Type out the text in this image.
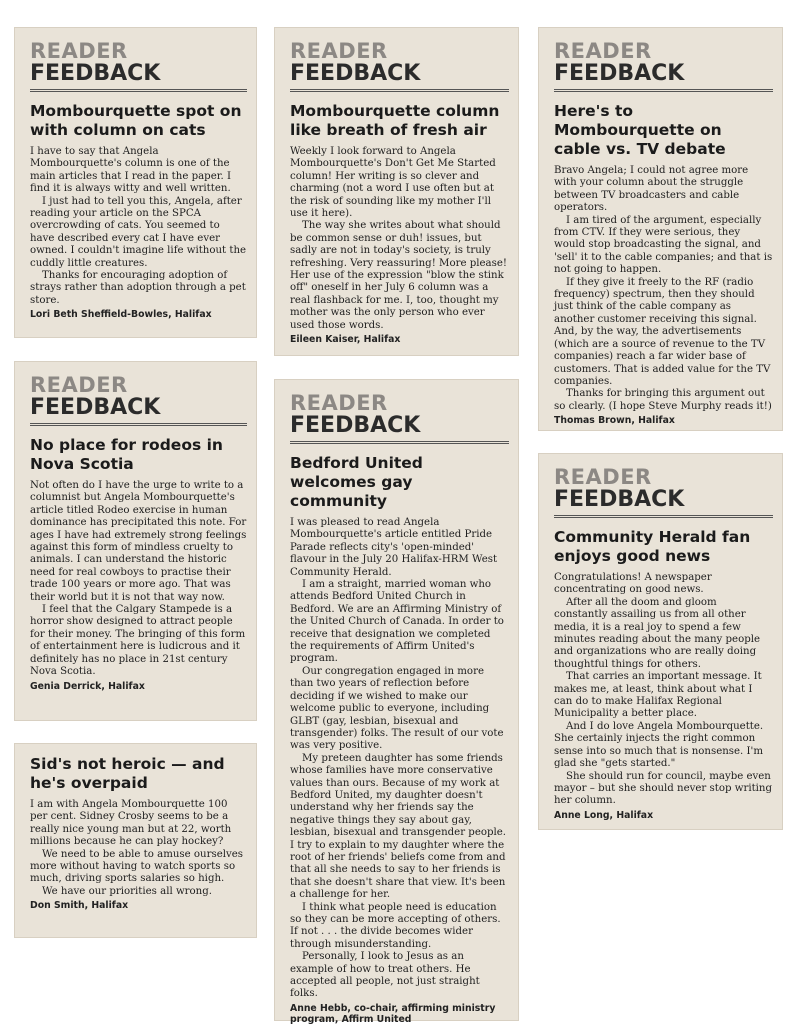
READER
FEEDBACK
Mombourquette spot on with column on cats

I have to say that Angela Mombourquette's column is one of the main articles that I read in the paper. I find it is always witty and well written.

I just had to tell you this, Angela, after reading your article on the SPCA overcrowding of cats. You seemed to have described every cat I have ever owned. I couldn't imagine life without the cuddly little creatures.

Thanks for encouraging adoption of strays rather than adoption through a pet store.

Lori Beth Sheffield-Bowles, Halifax
READER
FEEDBACK
Mombourquette column like breath of fresh air

Weekly I look forward to Angela Mombourquette's Don't Get Me Started column! Her writing is so clever and charming (not a word I use often but at the risk of sounding like my mother I'll use it here).

The way she writes about what should be common sense or duh! issues, but sadly are not in today's society, is truly refreshing. Very reassuring! More please! Her use of the expression "blow the stink off" oneself in her July 6 column was a real flashback for me. I, too, thought my mother was the only person who ever used those words.

Eileen Kaiser, Halifax
READER
FEEDBACK
Here's to Mombourquette on cable vs. TV debate

Bravo Angela; I could not agree more with your column about the struggle between TV broadcasters and cable operators.

I am tired of the argument, especially from CTV. If they were serious, they would stop broadcasting the signal, and 'sell' it to the cable companies; and that is not going to happen.

If they give it freely to the RF (radio frequency) spectrum, then they should just think of the cable company as another customer receiving this signal. And, by the way, the advertisements (which are a source of revenue to the TV companies) reach a far wider base of customers. That is added value for the TV companies.

Thanks for bringing this argument out so clearly. (I hope Steve Murphy reads it!)

Thomas Brown, Halifax
READER
FEEDBACK
No place for rodeos in Nova Scotia

Not often do I have the urge to write to a columnist but Angela Mombourquette's article titled Rodeo exercise in human dominance has precipitated this note. For ages I have had extremely strong feelings against this form of mindless cruelty to animals. I can understand the historic need for real cowboys to practise their trade 100 years or more ago. That was their world but it is not that way now.

I feel that the Calgary Stampede is a horror show designed to attract people for their money. The bringing of this form of entertainment here is ludicrous and it definitely has no place in 21st century Nova Scotia.

Genia Derrick, Halifax
READER
FEEDBACK
Bedford United welcomes gay community

I was pleased to read Angela Mombourquette's article entitled Pride Parade reflects city's 'open-minded' flavour in the July 20 Halifax-HRM West Community Herald.

I am a straight, married woman who attends Bedford United Church in Bedford. We are an Affirming Ministry of the United Church of Canada. In order to receive that designation we completed the requirements of Affirm United's program.

Our congregation engaged in more than two years of reflection before deciding if we wished to make our welcome public to everyone, including GLBT (gay, lesbian, bisexual and transgender) folks. The result of our vote was very positive.

My preteen daughter has some friends whose families have more conservative values than ours. Because of my work at Bedford United, my daughter doesn't understand why her friends say the negative things they say about gay, lesbian, bisexual and transgender people. I try to explain to my daughter where the root of her friends' beliefs come from and that all she needs to say to her friends is that she doesn't share that view. It's been a challenge for her.

I think what people need is education so they can be more accepting of others. If not . . . the divide becomes wider through misunderstanding.

Personally, I look to Jesus as an example of how to treat others. He accepted all people, not just straight folks.

Anne Hebb, co-chair, affirming ministry program, Affirm United
READER
FEEDBACK
Community Herald fan enjoys good news

Congratulations! A newspaper concentrating on good news.

After all the doom and gloom constantly assailing us from all other media, it is a real joy to spend a few minutes reading about the many people and organizations who are really doing thoughtful things for others.

That carries an important message. It makes me, at least, think about what I can do to make Halifax Regional Municipality a better place.

And I do love Angela Mombourquette. She certainly injects the right common sense into so much that is nonsense. I'm glad she "gets started."

She should run for council, maybe even mayor – but she should never stop writing her column.

Anne Long, Halifax
Sid's not heroic — and he's overpaid

I am with Angela Mombourquette 100 per cent. Sidney Crosby seems to be a really nice young man but at 22, worth millions because he can play hockey?

We need to be able to amuse ourselves more without having to watch sports so much, driving sports salaries so high.

We have our priorities all wrong.

Don Smith, Halifax
